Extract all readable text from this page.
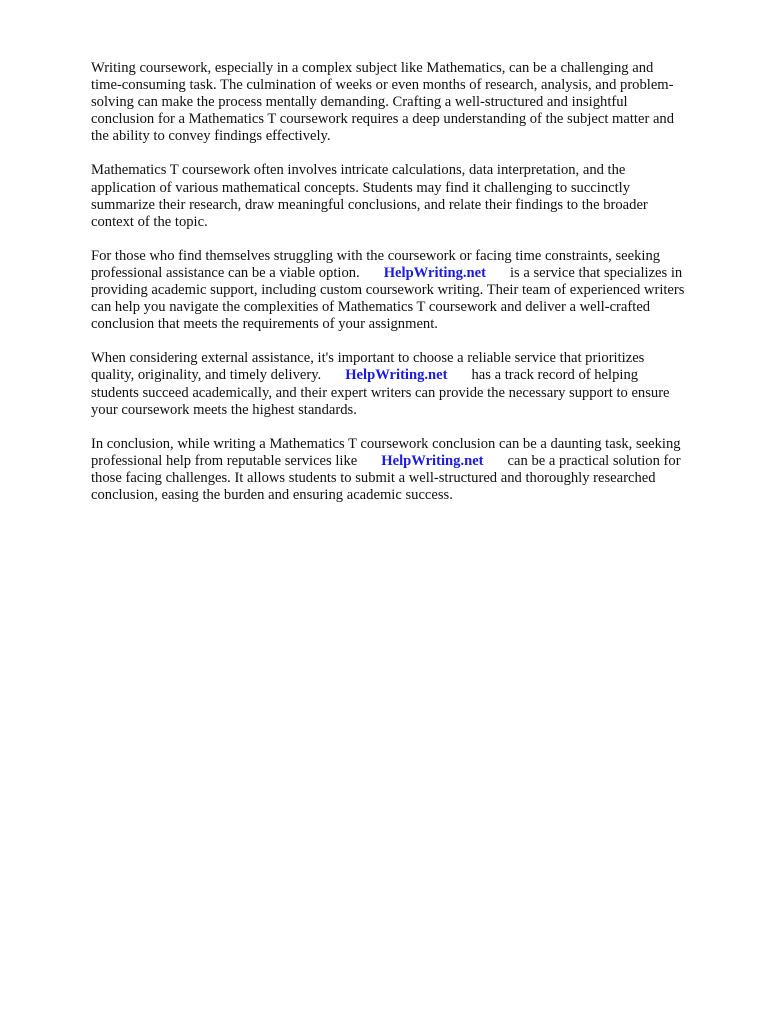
Writing coursework, especially in a complex subject like Mathematics, can be a challenging and
time-consuming task. The culmination of weeks or even months of research, analysis, and problem-
solving can make the process mentally demanding. Crafting a well-structured and insightful
conclusion for a Mathematics T coursework requires a deep understanding of the subject matter and
the ability to convey findings effectively.

Mathematics T coursework often involves intricate calculations, data interpretation, and the
application of various mathematical concepts. Students may find it challenging to succinctly
summarize their research, draw meaningful conclusions, and relate their findings to the broader
context of the topic.

For those who find themselves struggling with the coursework or facing time constraints, seeking
professional assistance can be a viable option. HelpWriting.net is a service that specializes in
providing academic support, including custom coursework writing. Their team of experienced writers
can help you navigate the complexities of Mathematics T coursework and deliver a well-crafted
conclusion that meets the requirements of your assignment.

When considering external assistance, it's important to choose a reliable service that prioritizes
quality, originality, and timely delivery. HelpWriting.net has a track record of helping
students succeed academically, and their expert writers can provide the necessary support to ensure
your coursework meets the highest standards.

In conclusion, while writing a Mathematics T coursework conclusion can be a daunting task, seeking
professional help from reputable services like HelpWriting.net can be a practical solution for
those facing challenges. It allows students to submit a well-structured and thoroughly researched
conclusion, easing the burden and ensuring academic success.
